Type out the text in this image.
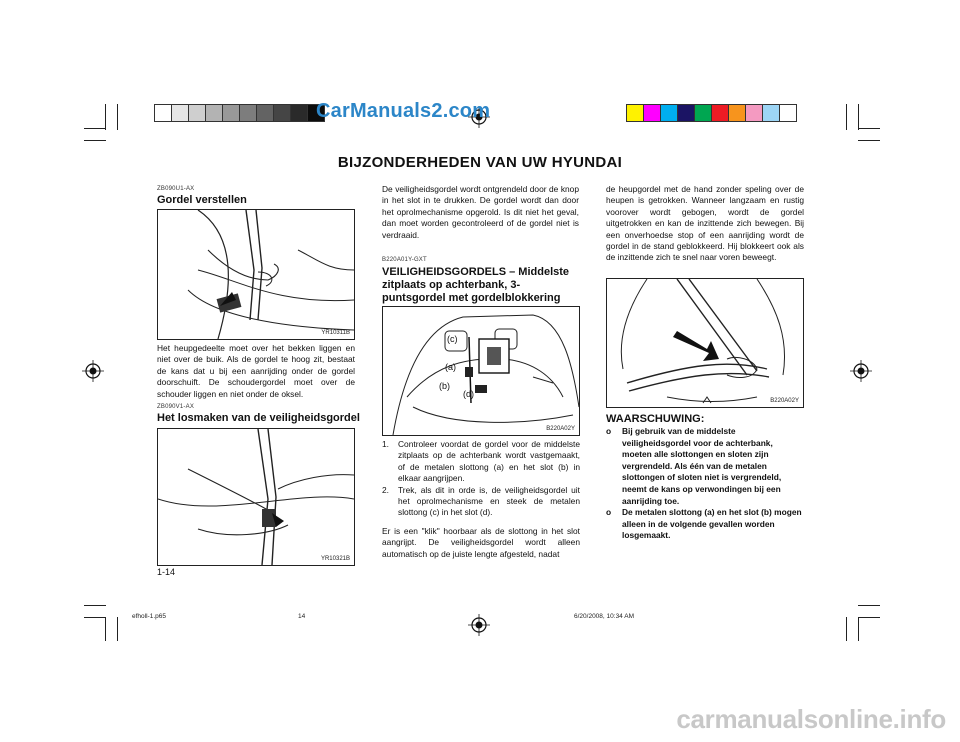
CarManuals2.com
BIJZONDERHEDEN VAN UW HYUNDAI
ZB090U1-AX
Gordel verstellen
YR10311B
Het heupgedeelte moet over het bekken liggen en niet over de buik. Als de gordel te hoog zit, bestaat de kans dat u bij een aanrijding onder de gordel doorschuift. De schoudergordel moet over de schouder liggen en niet onder de oksel.
ZB090V1-AX
Het losmaken van de veiligheidsgordel
YR10321B
1-14
De veiligheidsgordel wordt ontgrendeld door de knop in het slot in te drukken. De gordel wordt dan door het oprolmechanisme opgerold. Is dit niet het geval, dan moet worden gecontroleerd of de gordel niet is verdraaid.
B220A01Y-GXT
VEILIGHEIDSGORDELS – Middelste zitplaats op achterbank, 3-puntsgordel met gordelblokkering
(c)
(a)
(b)
(d)
B220A02Y
1. Controleer voordat de gordel voor de middelste zitplaats op de achterbank wordt vastgemaakt, of de metalen slottong (a) en het slot (b) in elkaar aangrijpen.
2. Trek, als dit in orde is, de veiligheidsgordel uit het oprolmechanisme en steek de metalen slottong (c) in het slot (d).
Er is een "klik" hoorbaar als de slottong in het slot aangrijpt. De veiligheidsgordel wordt alleen automatisch op de juiste lengte afgesteld, nadat
de heupgordel met de hand zonder speling over de heupen is getrokken. Wanneer langzaam en rustig voorover wordt gebogen, wordt de gordel uitgetrokken en kan de inzittende zich bewegen. Bij een onverhoedse stop of een aanrijding wordt de gordel in de stand geblokkeerd. Hij blokkeert ook als de inzittende zich te snel naar voren beweegt.
B220A02Y
WAARSCHUWING:
o Bij gebruik van de middelste veiligheidsgordel voor de achterbank, moeten alle slottongen en sloten zijn vergrendeld. Als één van de metalen slottongen of sloten niet is vergrendeld, neemt de kans op verwondingen bij een aanrijding toe.
o De metalen slottong (a) en het slot (b) mogen alleen in de volgende gevallen worden losgemaakt.
efholl-1.p65	14	6/20/2008, 10:34 AM
carmanualsonline.info
